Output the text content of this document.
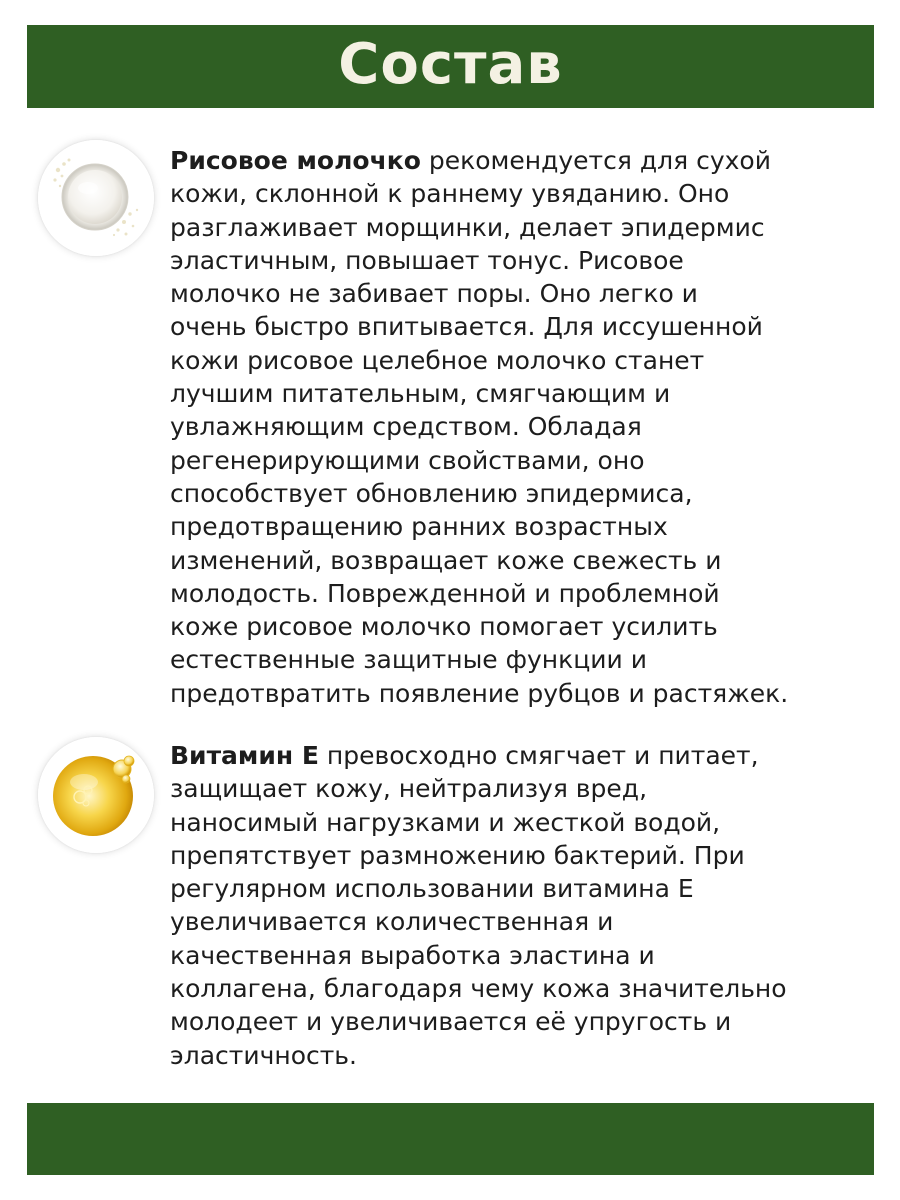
Состав

Рисовое молочко рекомендуется для сухой
кожи, склонной к раннему увяданию. Оно
разглаживает морщинки, делает эпидермис
эластичным, повышает тонус. Рисовое
молочко не забивает поры. Оно легко и
очень быстро впитывается. Для иссушенной
кожи рисовое целебное молочко станет
лучшим питательным, смягчающим и
увлажняющим средством. Обладая
регенерирующими свойствами, оно
способствует обновлению эпидермиса,
предотвращению ранних возрастных
изменений, возвращает коже свежесть и
молодость. Поврежденной и проблемной
коже рисовое молочко помогает усилить
естественные защитные функции и
предотвратить появление рубцов и растяжек.

Витамин Е превосходно смягчает и питает,
защищает кожу, нейтрализуя вред,
наносимый нагрузками и жесткой водой,
препятствует размножению бактерий. При
регулярном использовании витамина Е
увеличивается количественная и
качественная выработка эластина и
коллагена, благодаря чему кожа значительно
молодеет и увеличивается её упругость и
эластичность.
